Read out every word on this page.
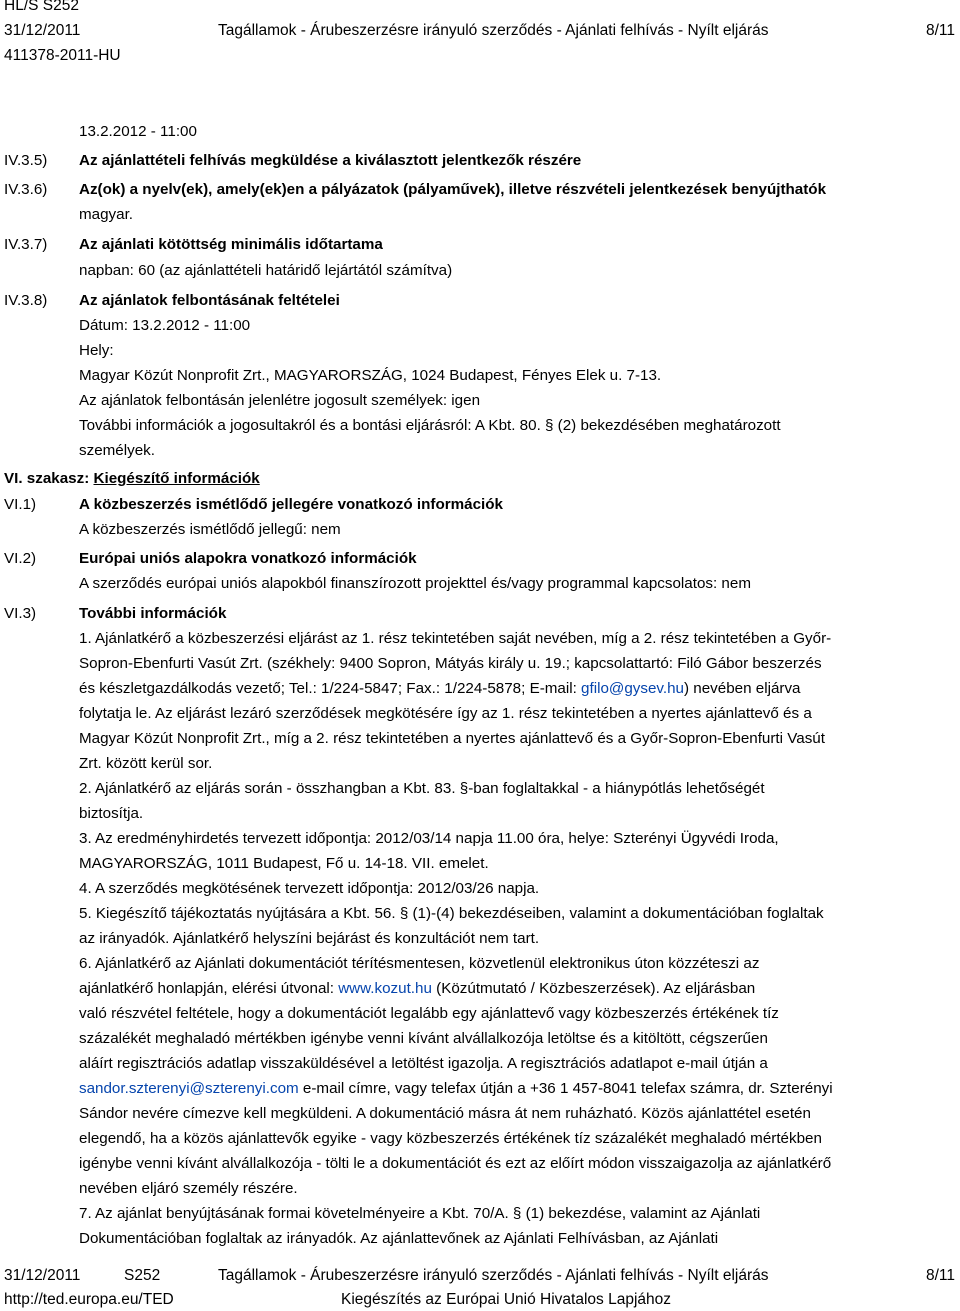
HL/S S252
31/12/2011
411378-2011-HU
Tagállamok - Árubeszerzésre irányuló szerződés - Ajánlati felhívás - Nyílt eljárás	8/11
13.2.2012 - 11:00
IV.3.5) Az ajánlattételi felhívás megküldése a kiválasztott jelentkezők részére
IV.3.6) Az(ok) a nyelv(ek), amely(ek)en a pályázatok (pályaművek), illetve részvételi jelentkezések benyújthatók
magyar.
IV.3.7) Az ajánlati kötöttség minimális időtartama
napban: 60 (az ajánlattételi határidő lejártától számítva)
IV.3.8) Az ajánlatok felbontásának feltételei
Dátum: 13.2.2012 - 11:00
Hely:
Magyar Közút Nonprofit Zrt., MAGYARORSZÁG, 1024 Budapest, Fényes Elek u. 7-13.
Az ajánlatok felbontásán jelenlétre jogosult személyek: igen
További információk a jogosultakról és a bontási eljárásról: A Kbt. 80. § (2) bekezdésében meghatározott
személyek.
VI. szakasz: Kiegészítő információk
VI.1)	A közbeszerzés ismétlődő jellegére vonatkozó információk
A közbeszerzés ismétlődő jellegű: nem
VI.2)	Európai uniós alapokra vonatkozó információk
A szerződés európai uniós alapokból finanszírozott projekttel és/vagy programmal kapcsolatos: nem
VI.3)	További információk
1. Ajánlatkérő a közbeszerzési eljárást az 1. rész tekintetében saját nevében, míg a 2. rész tekintetében a Győr-
Sopron-Ebenfurti Vasút Zrt. (székhely: 9400 Sopron, Mátyás király u. 19.; kapcsolattartó: Filó Gábor beszerzés
és készletgazdálkodás vezető; Tel.: 1/224-5847; Fax.: 1/224-5878; E-mail: gfilo@gysev.hu) nevében eljárva
folytatja le. Az eljárást lezáró szerződések megkötésére így az 1. rész tekintetében a nyertes ajánlattevő és a
Magyar Közút Nonprofit Zrt., míg a 2. rész tekintetében a nyertes ajánlattevő és a Győr-Sopron-Ebenfurti Vasút
Zrt. között kerül sor.
2. Ajánlatkérő az eljárás során - összhangban a Kbt. 83. §-ban foglaltakkal - a hiánypótlás lehetőségét
biztosítja.
3. Az eredményhirdetés tervezett időpontja: 2012/03/14 napja 11.00 óra, helye: Szterényi Ügyvédi Iroda,
MAGYARORSZÁG, 1011 Budapest, Fő u. 14-18. VII. emelet.
4. A szerződés megkötésének tervezett időpontja: 2012/03/26 napja.
5. Kiegészítő tájékoztatás nyújtására a Kbt. 56. § (1)-(4) bekezdéseiben, valamint a dokumentációban foglaltak
az irányadók. Ajánlatkérő helyszíni bejárást és konzultációt nem tart.
6. Ajánlatkérő az Ajánlati dokumentációt térítésmentesen, közvetlenül elektronikus úton közzéteszi az
ajánlatkérő honlapján, elérési útvonal: www.kozut.hu (Közútmutató / Közbeszerzések). Az eljárásban
való részvétel feltétele, hogy a dokumentációt legalább egy ajánlattevő vagy közbeszerzés értékének tíz
százalékét meghaladó mértékben igénybe venni kívánt alvállalkozója letöltse és a kitöltött, cégszerűen
aláírt regisztrációs adatlap visszaküldésével a letöltést igazolja. A regisztrációs adatlapot e-mail útján a
sandor.szterenyi@szterenyi.com e-mail címre, vagy telefax útján a +36 1 457-8041 telefax számra, dr. Szterényi
Sándor nevére címezve kell megküldeni. A dokumentáció másra át nem ruházható. Közös ajánlattétel esetén
elegendő, ha a közös ajánlattevők egyike - vagy közbeszerzés értékének tíz százalékét meghaladó mértékben
igénybe venni kívánt alvállalkozója - tölti le a dokumentációt és ezt az előírt módon visszaigazolja az ajánlatkérő
nevében eljáró személy részére.
7. Az ajánlat benyújtásának formai követelményeire a Kbt. 70/A. § (1) bekezdése, valamint az Ajánlati
Dokumentációban foglaltak az irányadók. Az ajánlattevőnek az Ajánlati Felhívásban, az Ajánlati
31/12/2011	S252	Tagállamok - Árubeszerzésre irányuló szerződés - Ajánlati felhívás - Nyílt eljárás	8/11
http://ted.europa.eu/TED	Kiegészítés az Európai Unió Hivatalos Lapjához
